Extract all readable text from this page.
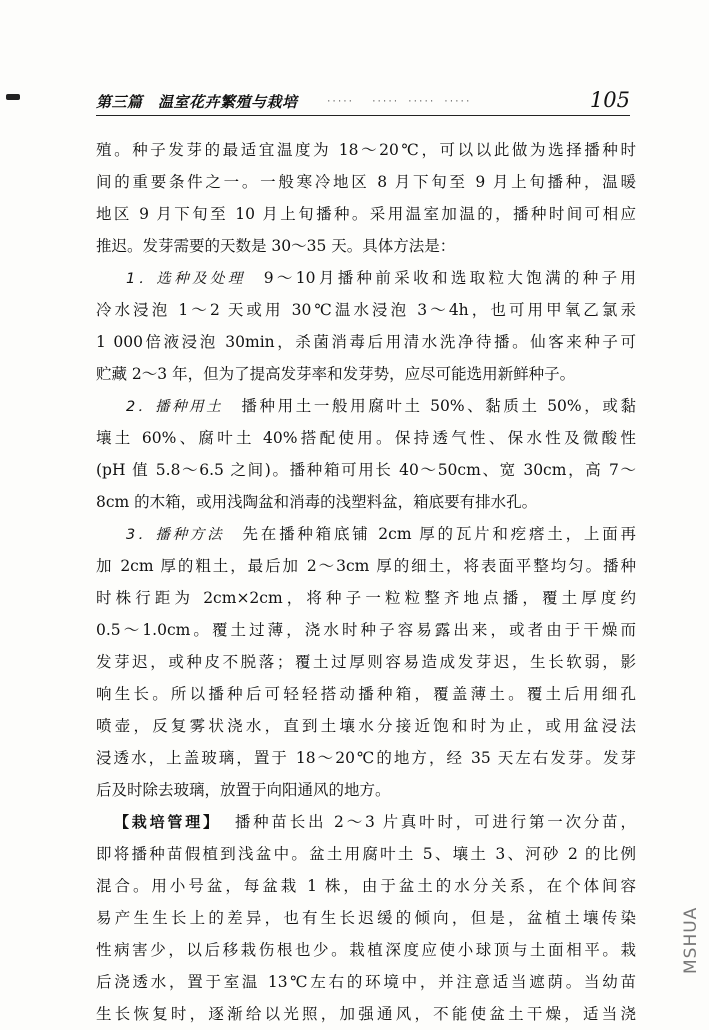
第三篇　温室花卉繁殖与栽培	·····　　·····　·····　·····	105
殖。种子发芽的最适宜温度为 18～20℃，可以以此做为选择播种时
间的重要条件之一。一般寒冷地区 8 月下旬至 9 月上旬播种，温暖
地区 9 月下旬至 10 月上旬播种。采用温室加温的，播种时间可相应
推迟。发芽需要的天数是 30～35 天。具体方法是：
1．选种及处理 9～10月播种前采收和选取粒大饱满的种子用
冷水浸泡 1～2 天或用 30℃温水浸泡 3～4h，也可用甲氧乙氯汞
1 000倍液浸泡 30min，杀菌消毒后用清水洗净待播。仙客来种子可
贮藏 2～3 年，但为了提高发芽率和发芽势，应尽可能选用新鲜种子。
2．播种用土 播种用土一般用腐叶土 50%、黏质土 50%，或黏
壤土 60%、腐叶土 40%搭配使用。保持透气性、保水性及微酸性
(pH 值 5.8～6.5 之间)。播种箱可用长 40～50cm、宽 30cm，高 7～
8cm 的木箱，或用浅陶盆和消毒的浅塑料盆，箱底要有排水孔。
3．播种方法 先在播种箱底铺 2cm 厚的瓦片和疙瘩土，上面再
加 2cm 厚的粗土，最后加 2～3cm 厚的细土，将表面平整均匀。播种
时株行距为 2cm×2cm，将种子一粒粒整齐地点播，覆土厚度约
0.5～1.0cm。覆土过薄，浇水时种子容易露出来，或者由于干燥而
发芽迟，或种皮不脱落；覆土过厚则容易造成发芽迟，生长软弱，影
响生长。所以播种后可轻轻搭动播种箱，覆盖薄土。覆土后用细孔
喷壶，反复雾状浇水，直到土壤水分接近饱和时为止，或用盆浸法
浸透水，上盖玻璃，置于 18～20℃的地方，经 35 天左右发芽。发芽
后及时除去玻璃，放置于向阳通风的地方。
【栽培管理】 播种苗长出 2～3 片真叶时，可进行第一次分苗，
即将播种苗假植到浅盆中。盆土用腐叶土 5、壤土 3、河砂 2 的比例
混合。用小号盆，每盆栽 1 株，由于盆土的水分关系，在个体间容
易产生生长上的差异，也有生长迟缓的倾向，但是，盆植土壤传染
性病害少，以后移栽伤根也少。栽植深度应使小球顶与土面相平。栽
后浇透水，置于室温 13℃左右的环境中，并注意适当遮荫。当幼苗
生长恢复时，逐渐给以光照，加强通风，不能使盆土干燥，适当浇
MSHUA
